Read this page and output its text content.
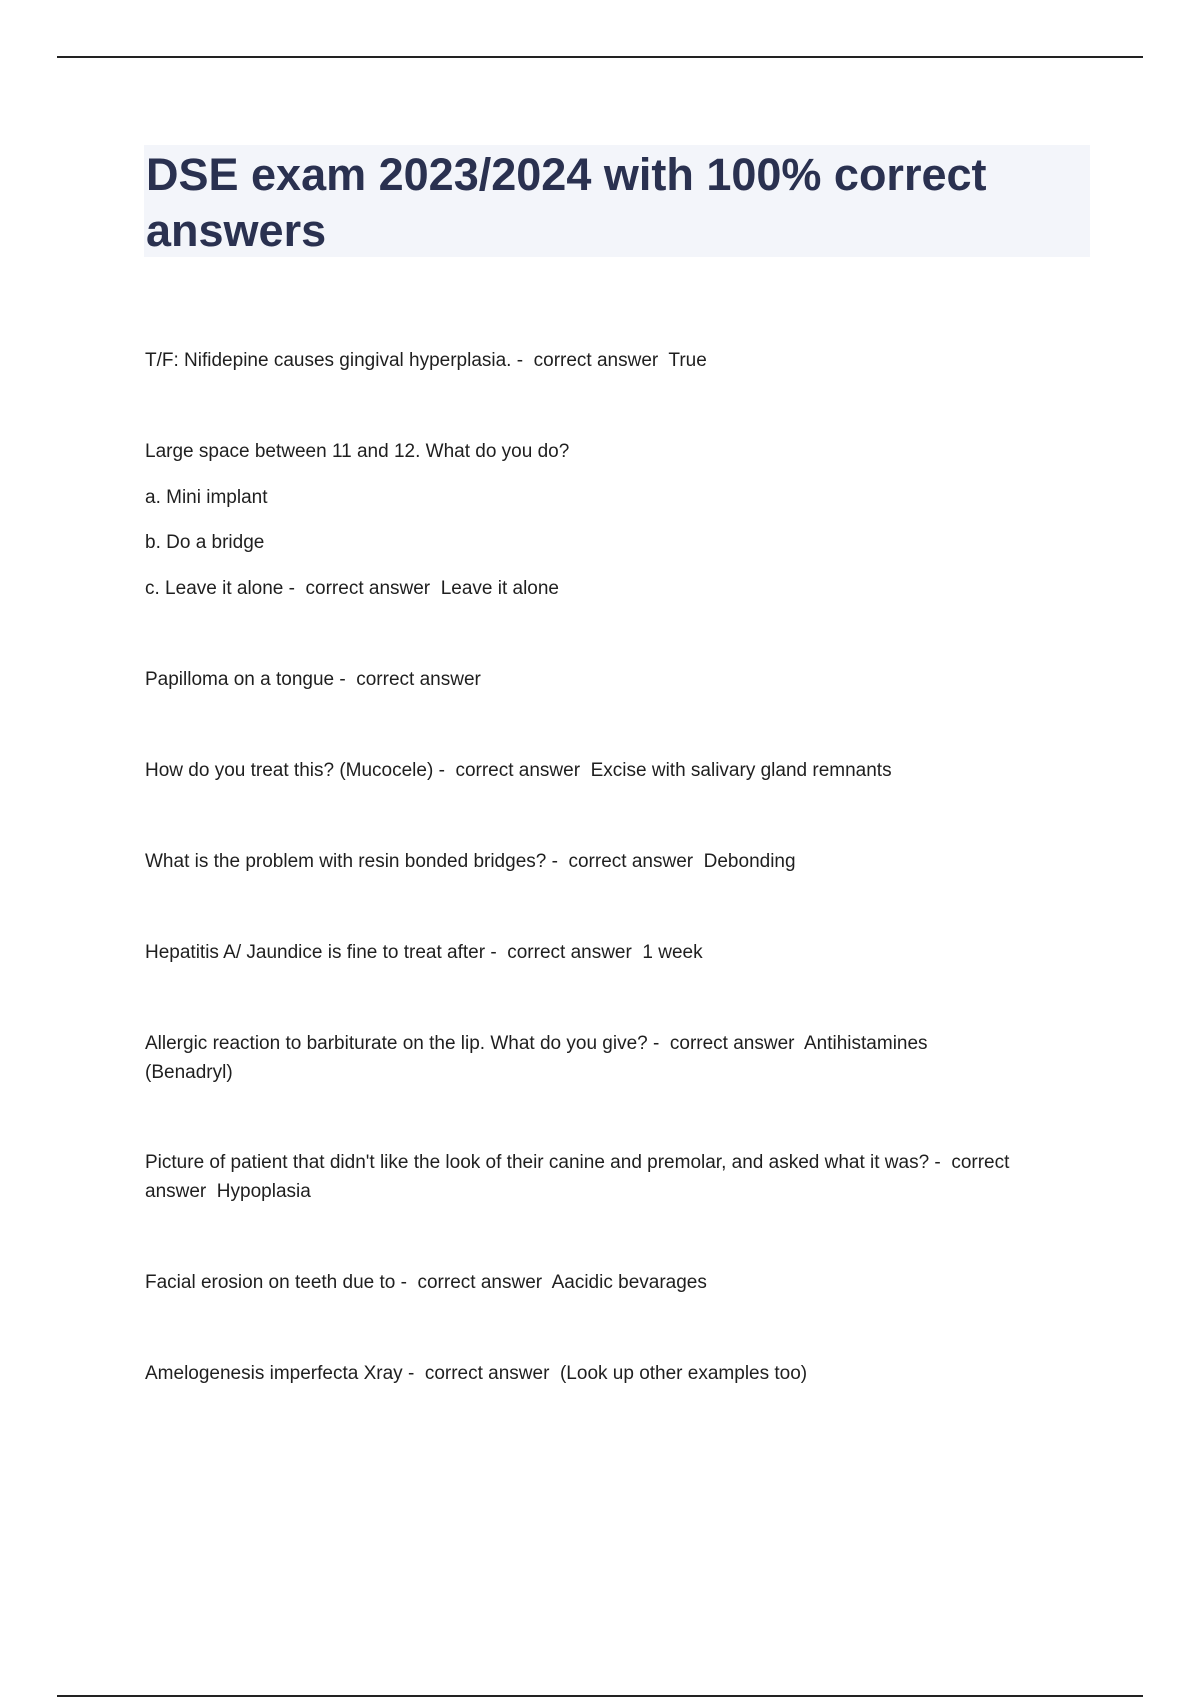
DSE exam 2023/2024 with 100% correct answers

T/F: Nifidepine causes gingival hyperplasia. -  correct answer  True

Large space between 11 and 12. What do you do?

a. Mini implant

b. Do a bridge

c. Leave it alone -  correct answer  Leave it alone

Papilloma on a tongue -  correct answer

How do you treat this? (Mucocele) -  correct answer  Excise with salivary gland remnants

What is the problem with resin bonded bridges? -  correct answer  Debonding

Hepatitis A/ Jaundice is fine to treat after -  correct answer  1 week

Allergic reaction to barbiturate on the lip. What do you give? -  correct answer  Antihistamines
(Benadryl)

Picture of patient that didn't like the look of their canine and premolar, and asked what it was? -  correct
answer  Hypoplasia

Facial erosion on teeth due to -  correct answer  Aacidic bevarages

Amelogenesis imperfecta Xray -  correct answer  (Look up other examples too)
